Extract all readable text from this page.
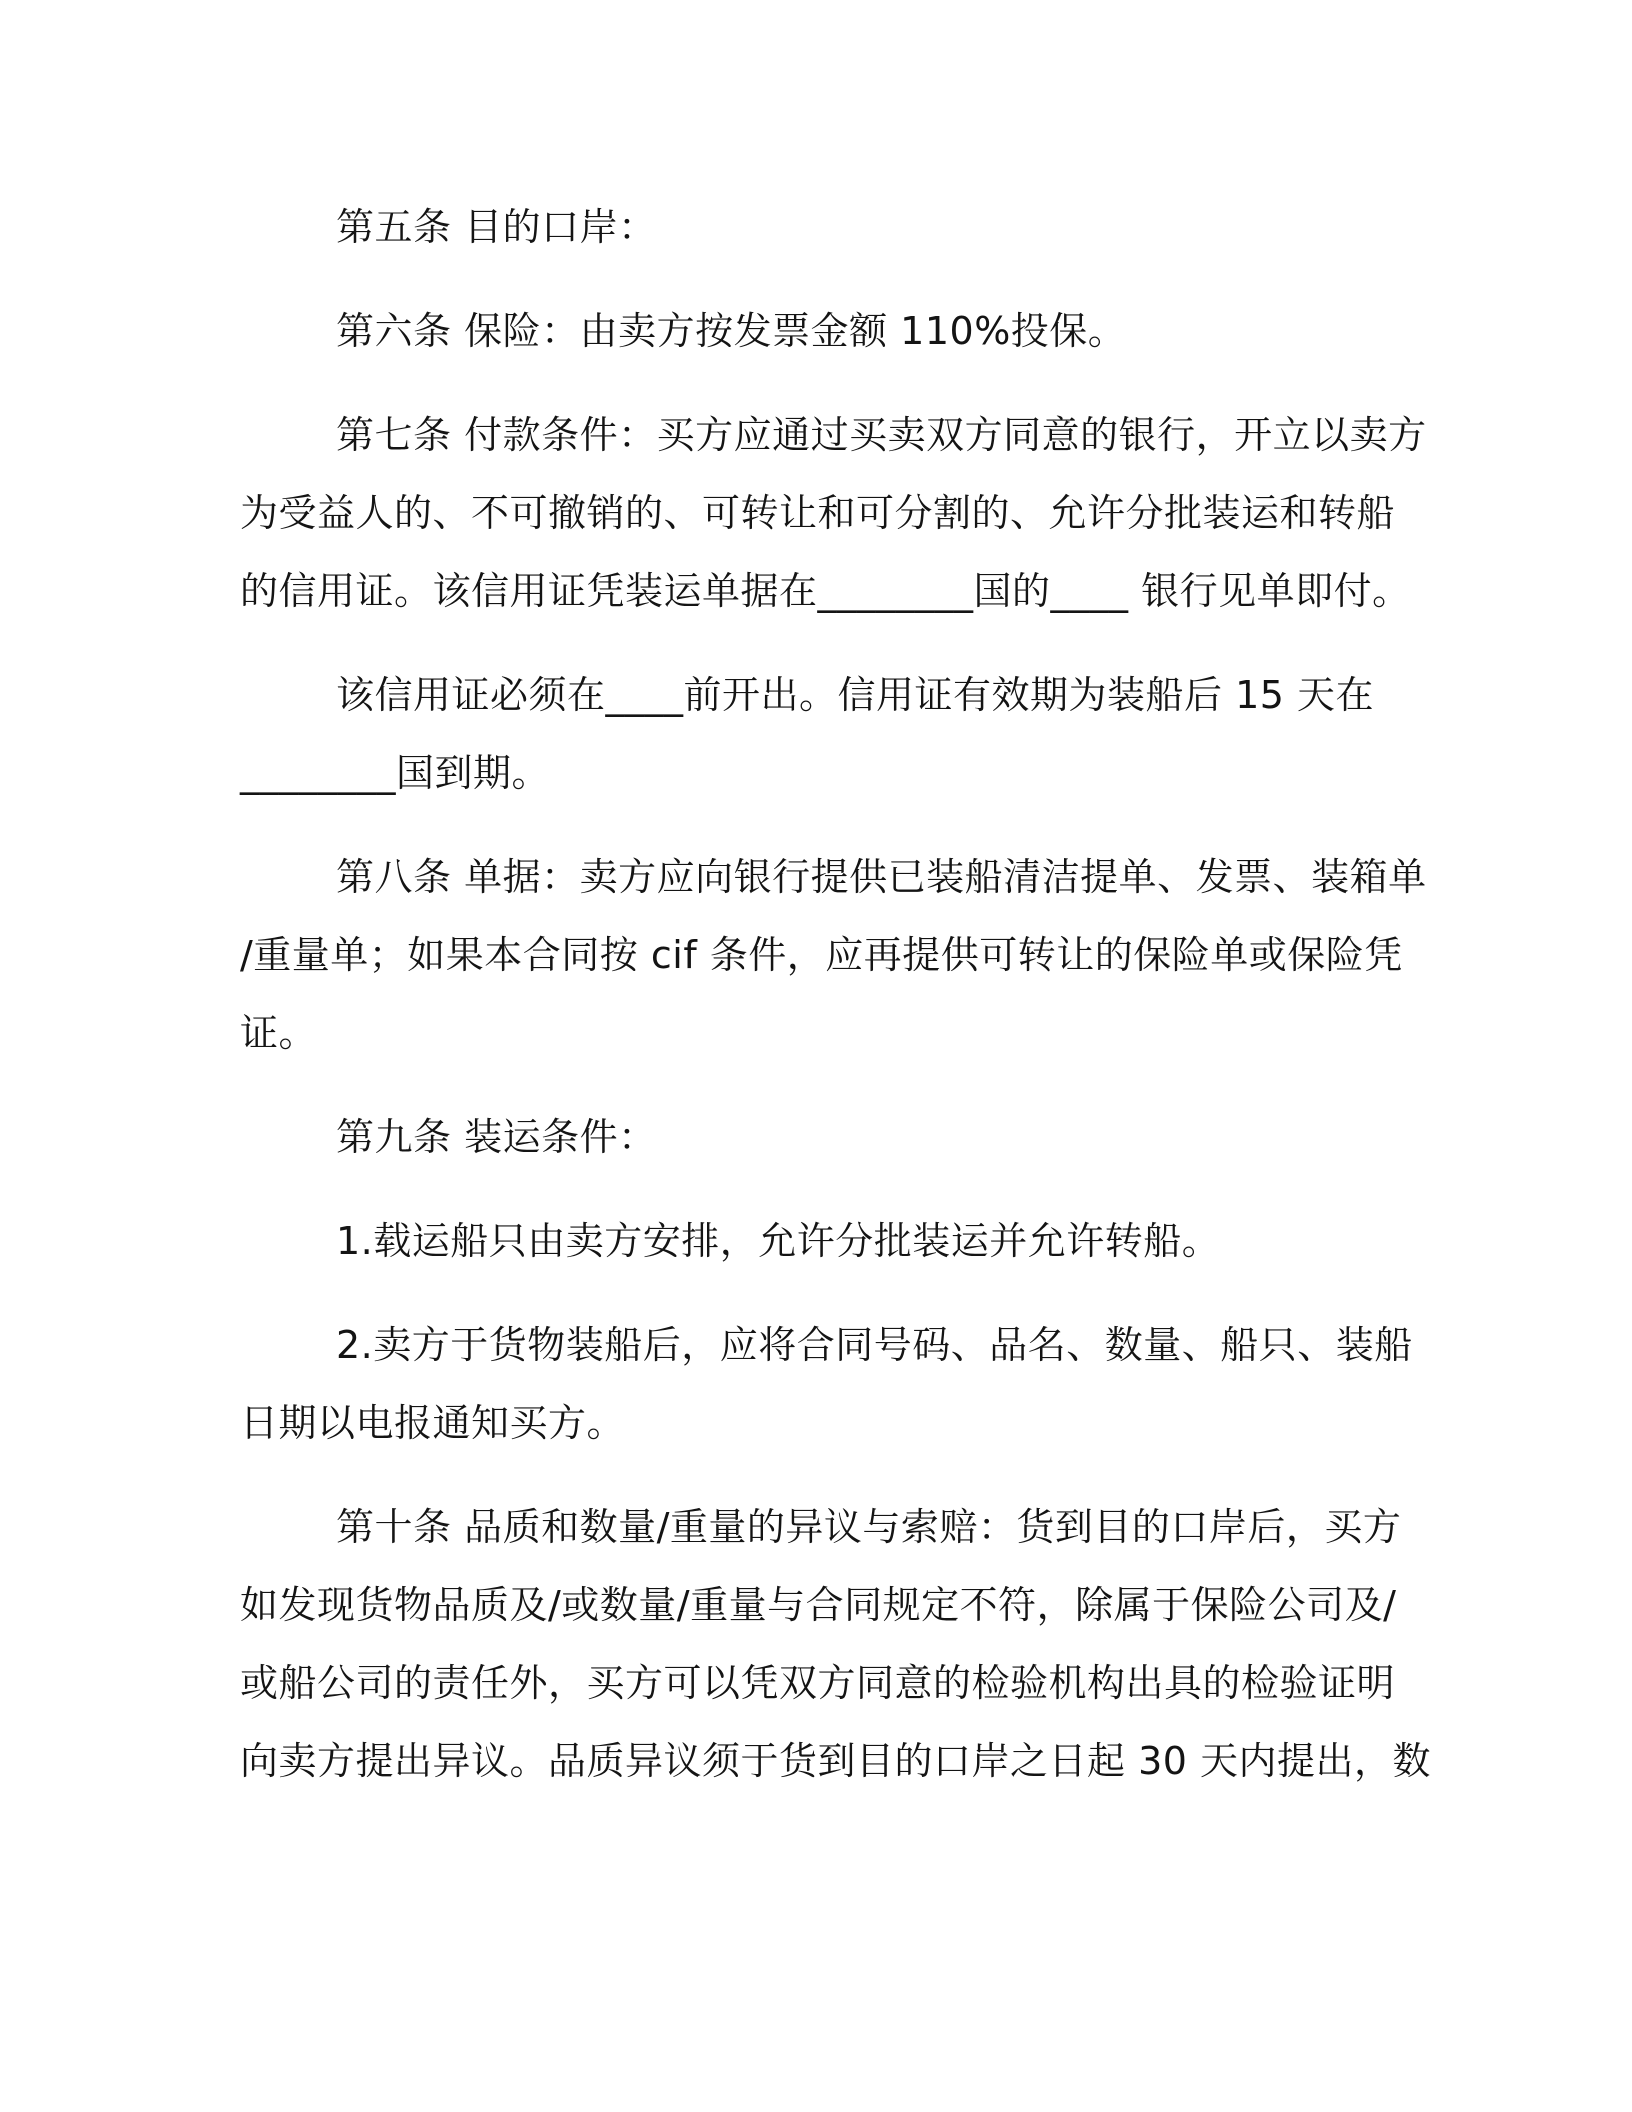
第五条 目的口岸：
第六条 保险：由卖方按发票金额 110%投保。
第七条 付款条件：买方应通过买卖双方同意的银行，开立以卖方
为受益人的、不可撤销的、可转让和可分割的、允许分批装运和转船
的信用证。该信用证凭装运单据在________国的____ 银行见单即付。
该信用证必须在____前开出。信用证有效期为装船后 15 天在
________国到期。
第八条 单据：卖方应向银行提供已装船清洁提单、发票、装箱单
/重量单；如果本合同按 cif 条件，应再提供可转让的保险单或保险凭
证。
第九条 装运条件：
1.载运船只由卖方安排，允许分批装运并允许转船。
2.卖方于货物装船后，应将合同号码、品名、数量、船只、装船
日期以电报通知买方。
第十条 品质和数量/重量的异议与索赔：货到目的口岸后，买方
如发现货物品质及/或数量/重量与合同规定不符，除属于保险公司及/
或船公司的责任外，买方可以凭双方同意的检验机构出具的检验证明
向卖方提出异议。品质异议须于货到目的口岸之日起 30 天内提出，数
